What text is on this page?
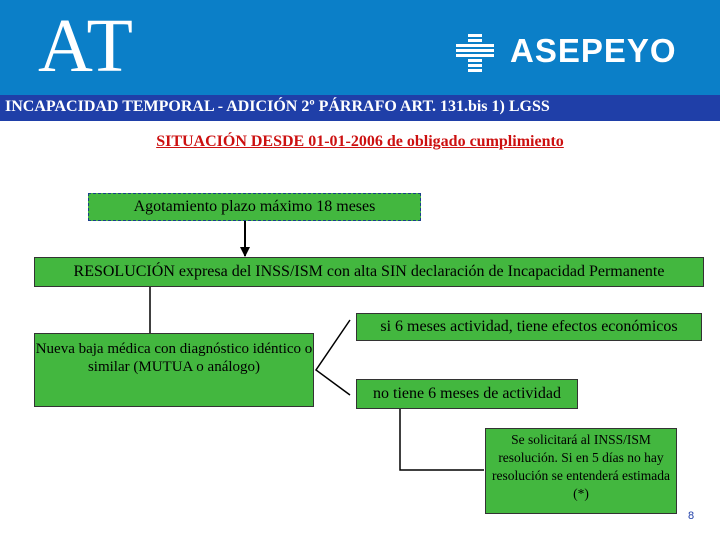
AT	ASEPEYO
INCAPACIDAD TEMPORAL - ADICIÓN 2º PÁRRAFO ART. 131.bis 1) LGSS
SITUACIÓN DESDE 01-01-2006 de obligado cumplimiento
Agotamiento plazo máximo 18 meses
RESOLUCIÓN expresa del INSS/ISM con alta SIN declaración de Incapacidad Permanente
Nueva baja médica con diagnóstico idéntico o similar (MUTUA o análogo)
si 6 meses actividad, tiene efectos económicos
no tiene 6 meses de actividad
Se solicitará al INSS/ISM resolución. Si en 5 días no hay resolución se entenderá estimada (*)
8
